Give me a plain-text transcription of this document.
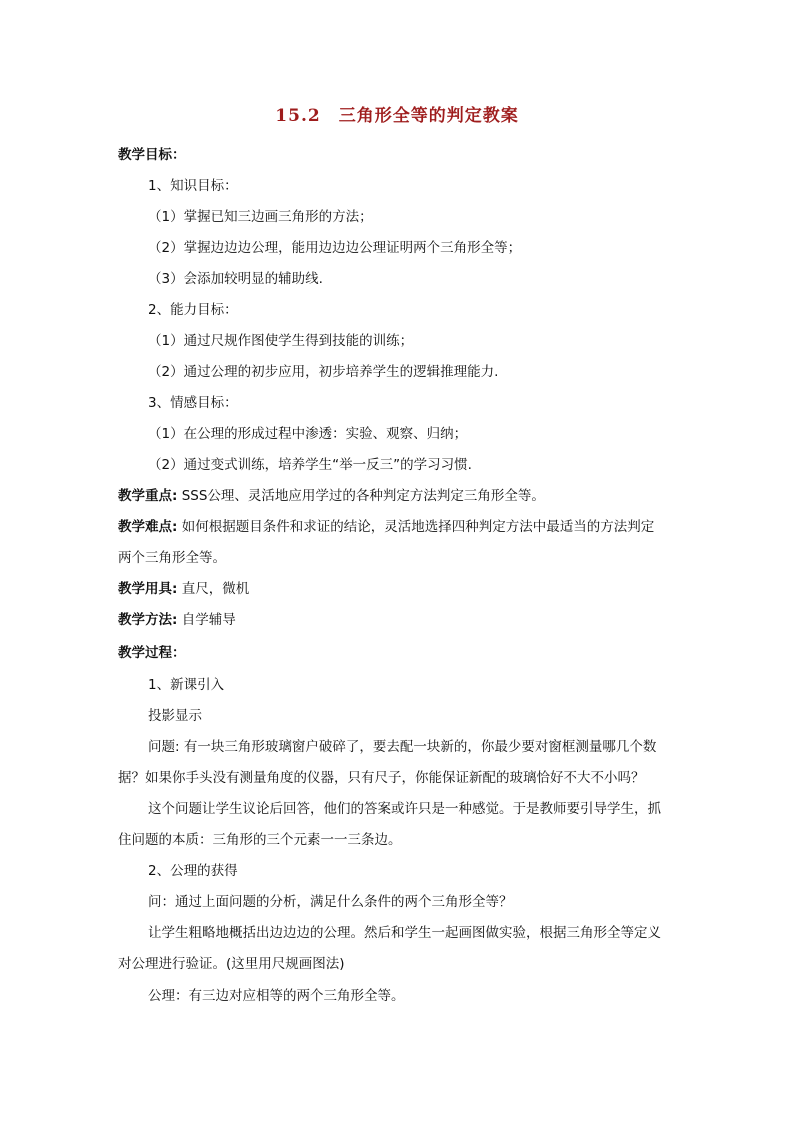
15.2　三角形全等的判定教案
教学目标：
1、知识目标：
（1）掌握已知三边画三角形的方法；
（2）掌握边边边公理，能用边边边公理证明两个三角形全等；
（3）会添加较明显的辅助线.
2、能力目标：
（1）通过尺规作图使学生得到技能的训练；
（2）通过公理的初步应用，初步培养学生的逻辑推理能力.
3、情感目标：
（1）在公理的形成过程中渗透：实验、观察、归纳；
（2）通过变式训练，培养学生“举一反三”的学习习惯.
教学重点: SSS公理、灵活地应用学过的各种判定方法判定三角形全等。
教学难点: 如何根据题目条件和求证的结论，灵活地选择四种判定方法中最适当的方法判定
两个三角形全等。
教学用具: 直尺，微机
教学方法: 自学辅导
教学过程：
1、新课引入
投影显示
问题: 有一块三角形玻璃窗户破碎了，要去配一块新的，你最少要对窗框测量哪几个数
据？如果你手头没有测量角度的仪器，只有尺子，你能保证新配的玻璃恰好不大不小吗？
这个问题让学生议论后回答，他们的答案或许只是一种感觉。于是教师要引导学生，抓
住问题的本质：三角形的三个元素一一三条边。
2、公理的获得
问：通过上面问题的分析，满足什么条件的两个三角形全等？
让学生粗略地概括出边边边的公理。然后和学生一起画图做实验，根据三角形全等定义
对公理进行验证。(这里用尺规画图法)
公理：有三边对应相等的两个三角形全等。
